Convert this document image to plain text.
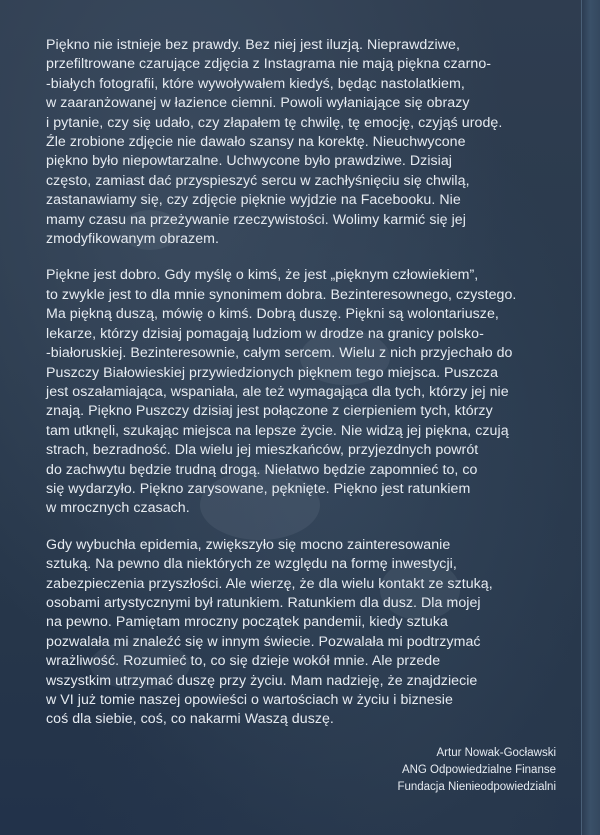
Piękno nie istnieje bez prawdy. Bez niej jest iluzją. Nieprawdziwe,
przefiltrowane czarujące zdjęcia z Instagrama nie mają piękna czarno-
-białych fotografii, które wywoływałem kiedyś, będąc nastolatkiem,
w zaaranżowanej w łazience ciemni. Powoli wyłaniające się obrazy
i pytanie, czy się udało, czy złapałem tę chwilę, tę emocję, czyjąś urodę.
Źle zrobione zdjęcie nie dawało szansy na korektę. Nieuchwycone
piękno było niepowtarzalne. Uchwycone było prawdziwe. Dzisiaj
często, zamiast dać przyspieszyć sercu w zachłyśnięciu się chwilą,
zastanawiamy się, czy zdjęcie pięknie wyjdzie na Facebooku. Nie
mamy czasu na przeżywanie rzeczywistości. Wolimy karmić się jej
zmodyfikowanym obrazem.

Piękne jest dobro. Gdy myślę o kimś, że jest „pięknym człowiekiem”,
to zwykle jest to dla mnie synonimem dobra. Bezinteresownego, czystego.
Ma piękną duszą, mówię o kimś. Dobrą duszę. Piękni są wolontariusze,
lekarze, którzy dzisiaj pomagają ludziom w drodze na granicy polsko-
-białoruskiej. Bezinteresownie, całym sercem. Wielu z nich przyjechało do
Puszczy Białowieskiej przywiedzionych pięknem tego miejsca. Puszcza
jest oszałamiająca, wspaniała, ale też wymagająca dla tych, którzy jej nie
znają. Piękno Puszczy dzisiaj jest połączone z cierpieniem tych, którzy
tam utknęli, szukając miejsca na lepsze życie. Nie widzą jej piękna, czują
strach, bezradność. Dla wielu jej mieszkańców, przyjezdnych powrót
do zachwytu będzie trudną drogą. Niełatwo będzie zapomnieć to, co
się wydarzyło. Piękno zarysowane, pęknięte. Piękno jest ratunkiem
w mrocznych czasach.

Gdy wybuchła epidemia, zwiększyło się mocno zainteresowanie
sztuką. Na pewno dla niektórych ze względu na formę inwestycji,
zabezpieczenia przyszłości. Ale wierzę, że dla wielu kontakt ze sztuką,
osobami artystycznymi był ratunkiem. Ratunkiem dla dusz. Dla mojej
na pewno. Pamiętam mroczny początek pandemii, kiedy sztuka
pozwalała mi znaleźć się w innym świecie. Pozwalała mi podtrzymać
wrażliwość. Rozumieć to, co się dzieje wokół mnie. Ale przede
wszystkim utrzymać duszę przy życiu. Mam nadzieję, że znajdziecie
w VI już tomie naszej opowieści o wartościach w życiu i biznesie
coś dla siebie, coś, co nakarmi Waszą duszę.

Artur Nowak-Gocławski
ANG Odpowiedzialne Finanse
Fundacja Nienieodpowiedzialni
